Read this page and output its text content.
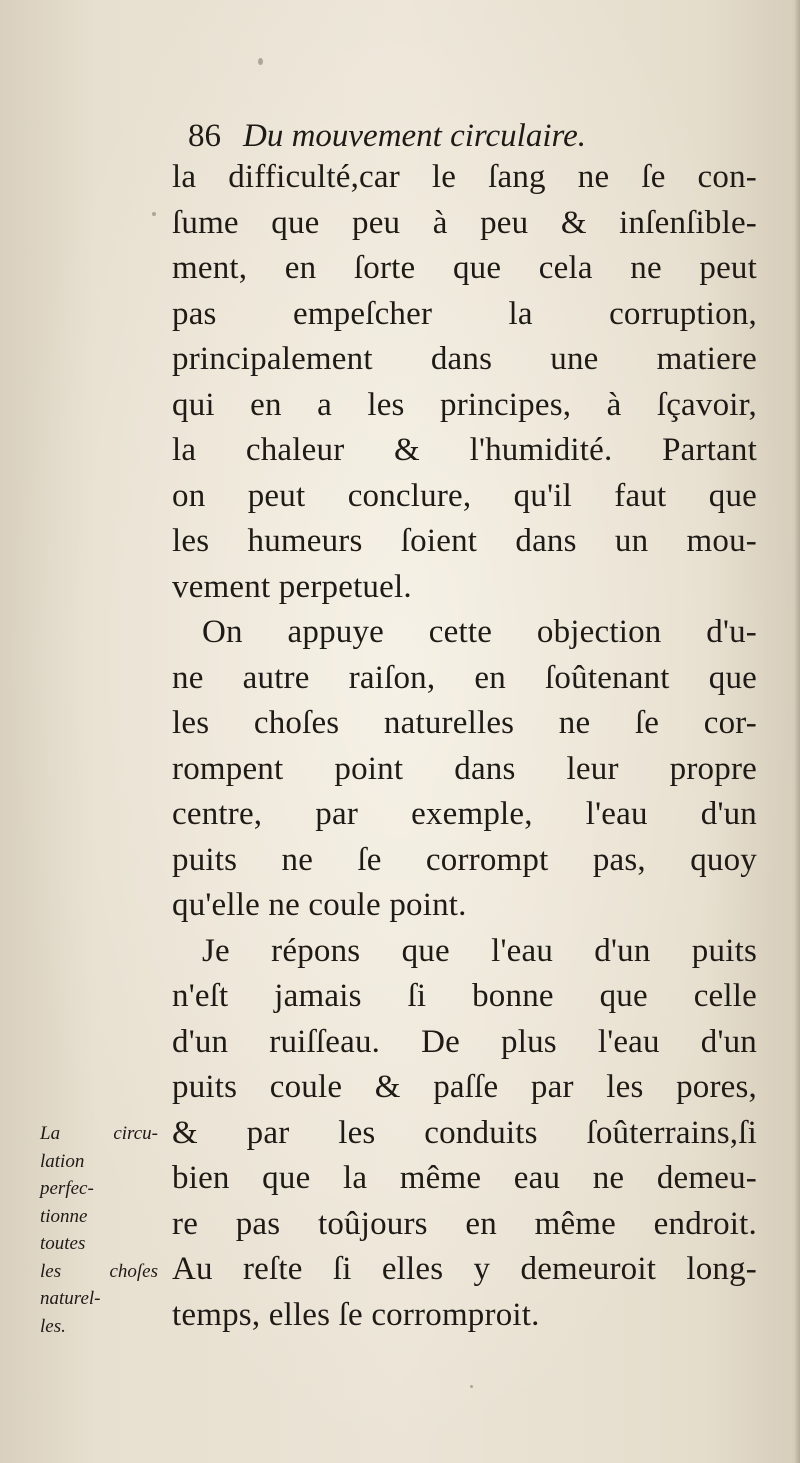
86 Du mouvement circulaire.
la difficulté,car le ſang ne ſe con-
ſume que peu à peu & inſenſible-
ment, en ſorte que cela ne peut
pas empeſcher la corruption,
principalement dans une matiere
qui en a les principes, à ſçavoir,
la chaleur & l'humidité. Partant
on peut conclure, qu'il faut que
les humeurs ſoient dans un mou-
vement perpetuel.
On appuye cette objection d'u-
ne autre raiſon, en ſoûtenant que
les choſes naturelles ne ſe cor-
rompent point dans leur propre
centre, par exemple, l'eau d'un
puits ne ſe corrompt pas, quoy
qu'elle ne coule point.
Je répons que l'eau d'un puits
n'eſt jamais ſi bonne que celle
d'un ruiſſeau. De plus l'eau d'un
puits coule & paſſe par les pores,
& par les conduits ſoûterrains,ſi
bien que la même eau ne demeu-
re pas toûjours en même endroit.
Au reſte ſi elles y demeuroit long-
temps, elles ſe corromproit.
La circu-
lation
perfec-
tionne
toutes
les choſes
naturel-
les.
